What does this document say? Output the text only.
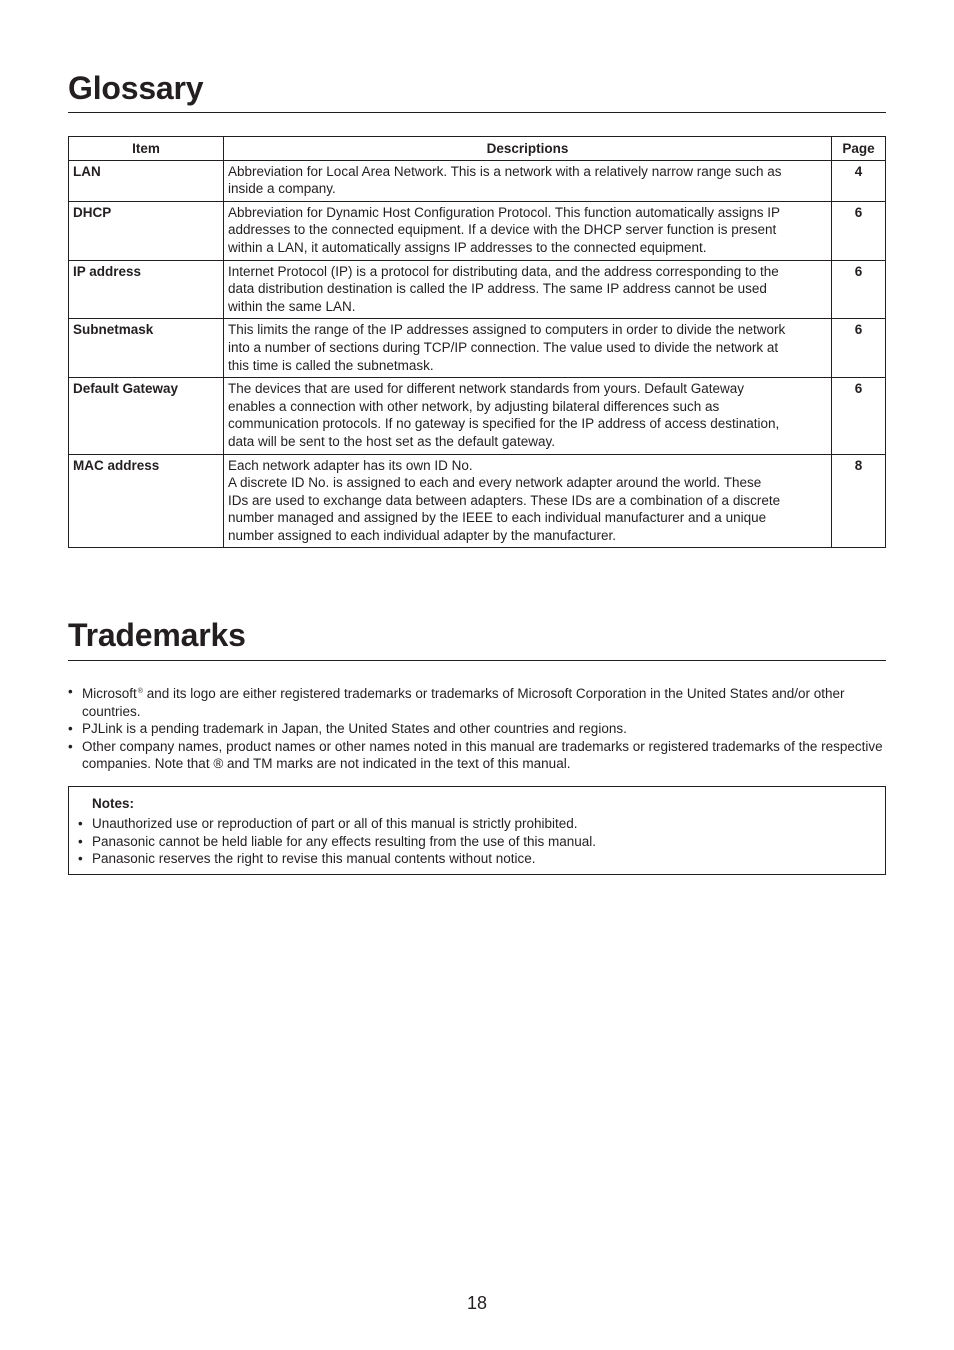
Glossary
Item	Descriptions	Page
LAN	Abbreviation for Local Area Network. This is a network with a relatively narrow range such as
inside a company.	4
DHCP	Abbreviation for Dynamic Host Configuration Protocol. This function automatically assigns IP
addresses to the connected equipment. If a device with the DHCP server function is present
within a LAN, it automatically assigns IP addresses to the connected equipment.	6
IP address	Internet Protocol (IP) is a protocol for distributing data, and the address corresponding to the
data distribution destination is called the IP address. The same IP address cannot be used
within the same LAN.	6
Subnetmask	This limits the range of the IP addresses assigned to computers in order to divide the network
into a number of sections during TCP/IP connection. The value used to divide the network at
this time is called the subnetmask.	6
Default Gateway	The devices that are used for different network standards from yours. Default Gateway
enables a connection with other network, by adjusting bilateral differences such as
communication protocols. If no gateway is specified for the IP address of access destination,
data will be sent to the host set as the default gateway.	6
MAC address	Each network adapter has its own ID No.
A discrete ID No. is assigned to each and every network adapter around the world. These
IDs are used to exchange data between adapters. These IDs are a combination of a discrete
number managed and assigned by the IEEE to each individual manufacturer and a unique
number assigned to each individual adapter by the manufacturer.	8
Trademarks
• Microsoft® and its logo are either registered trademarks or trademarks of Microsoft Corporation in the United States and/or other countries.
• PJLink is a pending trademark in Japan, the United States and other countries and regions.
• Other company names, product names or other names noted in this manual are trademarks or registered trademarks of the respective companies. Note that ® and TM marks are not indicated in the text of this manual.
Notes:
• Unauthorized use or reproduction of part or all of this manual is strictly prohibited.
• Panasonic cannot be held liable for any effects resulting from the use of this manual.
• Panasonic reserves the right to revise this manual contents without notice.
18
